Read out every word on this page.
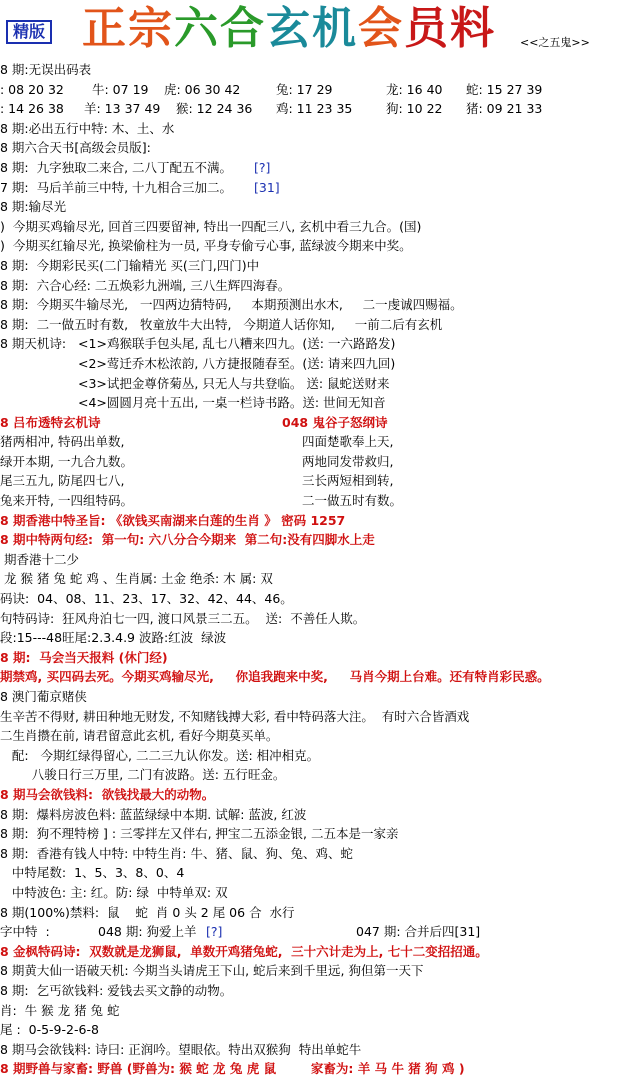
精版 正宗六合玄机会员料 <<之五鬼>>
8 期:无误出码表
: 08 20 32 牛: 07 19 虎: 06 30 42	兔: 17 29	龙: 16 40 蛇: 15 27 39
: 14 26 38 羊: 13 37 49 猴: 12 24 36 鸡: 11 23 35	狗: 10 22 猪: 09 21 33
8 期:必出五行中特: 木、土、水
8 期六合天书[高级会员版]:
8 期:  九字独取二来合, 二八丁配五不满。 [?]
7 期:  马后羊前三中特, 十九相合三加二。 [31]
8 期:输尽光
)  今期买鸡输尽光, 回首三四要留神, 特出一四配三八, 玄机中看三九合。(国)
)  今期买红输尽光, 换梁偷柱为一员, 平身专偷亏心事, 蓝绿波今期来中奖。
8 期:  今期彩民买(二门输精光 买(三门,四门)中
8 期:  六合心经: 二五焕彩九洲端, 三八生辉四海春。
8 期:  今期买牛输尽光,   一四两边猜特码,     本期预测出水木,     二一虔诚四赐福。
8 期:  二一做五时有数,   牧童放牛大出特,   今期道人话你知,     一前二后有玄机
8 期天机诗:   <1>鸡猴联手包头尾, 乱七八糟来四九。(送: 一六路路发)
<2>莺迁乔木松浓韵, 八方捷报随春至。(送: 请来四九回)
<3>试把金尊侪菊丛, 只无人与共登临。 送: 鼠蛇送财来
<4>圆圆月亮十五出, 一桌一栏诗书路。送: 世间无知音
8 吕布透特玄机诗	048 鬼谷子怒纲诗
猪两相冲, 特码出单数,	四面楚歌奉上天,
绿开本期, 一九合九数。	两地同发带救归,
尾三五九, 防尾四七八,	三长两短相到转,
兔来开特, 一四组特码。	二一做五时有数。
8 期香港中特圣旨: 《欲钱买南湖来白莲的生肖 》 密码 1257
8 期中特两句经:  第一句: 六八分合今期来  第二句:没有四脚水上走
期香港十二少
龙 猴 猪 兔 蛇 鸡 、生肖属: 土金 绝杀: 木 属: 双
码诀:  04、08、11、23、17、32、42、44、46。
句特码诗:  狂风舟泊七一四, 渡口风景三二五。  送:  不善任人欺。
段:15---48旺尾:2.3.4.9 波路:红波  绿波
8 期:  马会当天报料 (休门经)
期禁鸡, 买四码去死。今期买鸡输尽光,     你追我跑来中奖,     马肖今期上台难。还有特肖彩民惑。
8 澳门葡京赌侠
生辛苦不得财, 耕田种地无财发, 不知赌钱搏大彩, 看中特码落大注。  有时六合皆酒戏
二生肖攒在前, 请君留意此玄机, 看好今期莫买单。
配:   今期红绿得留心, 二二三九认你发。送: 相冲相克。
八骏日行三万里, 二门有波路。送: 五行旺金。
8 期马会欲钱料:  欲钱找最大的动物。
8 期:  爆料房波色料: 蓝蓝绿绿中本期. 试解: 蓝波, 红波
8 期:  狗不理特榜 ] : 三零拌左又伴右, 押宝二五添金银, 二五本是一家亲
8 期:  香港有钱人中特: 中特生肖: 牛、猪、鼠、狗、兔、鸡、蛇
中特尾数:  1、5、3、8、0、4
中特波色: 主: 红。防: 绿  中特单双: 双
8 期(100%)禁料:  鼠    蛇  肖 0 头 2 尾 06 合  水行
字中特  :	048 期: 狗爱上羊 [?]	047 期: 合并后四[31]
8 金枫特码诗:  双数就是龙狮鼠,  单数开鸡猪兔蛇,  三十六计走为上, 七十二变招招通。
8 期黄大仙一语破天机: 今期当头请虎王下山, 蛇后来到千里远, 狗但第一天下
8 期:  乞丐欲钱料: 爱钱去买文静的动物。
肖:  牛 猴 龙 猪 兔 蛇
尾 :  0-5-9-2-6-8
8 期马会欲钱料: 诗曰: 正润吟。望眼依。特出双猴狗  特出单蛇牛
8 期野兽与家畜: 野兽 (野兽为: 猴 蛇 龙 兔 虎 鼠        家畜为: 羊 马 牛 猪 狗 鸡 )
